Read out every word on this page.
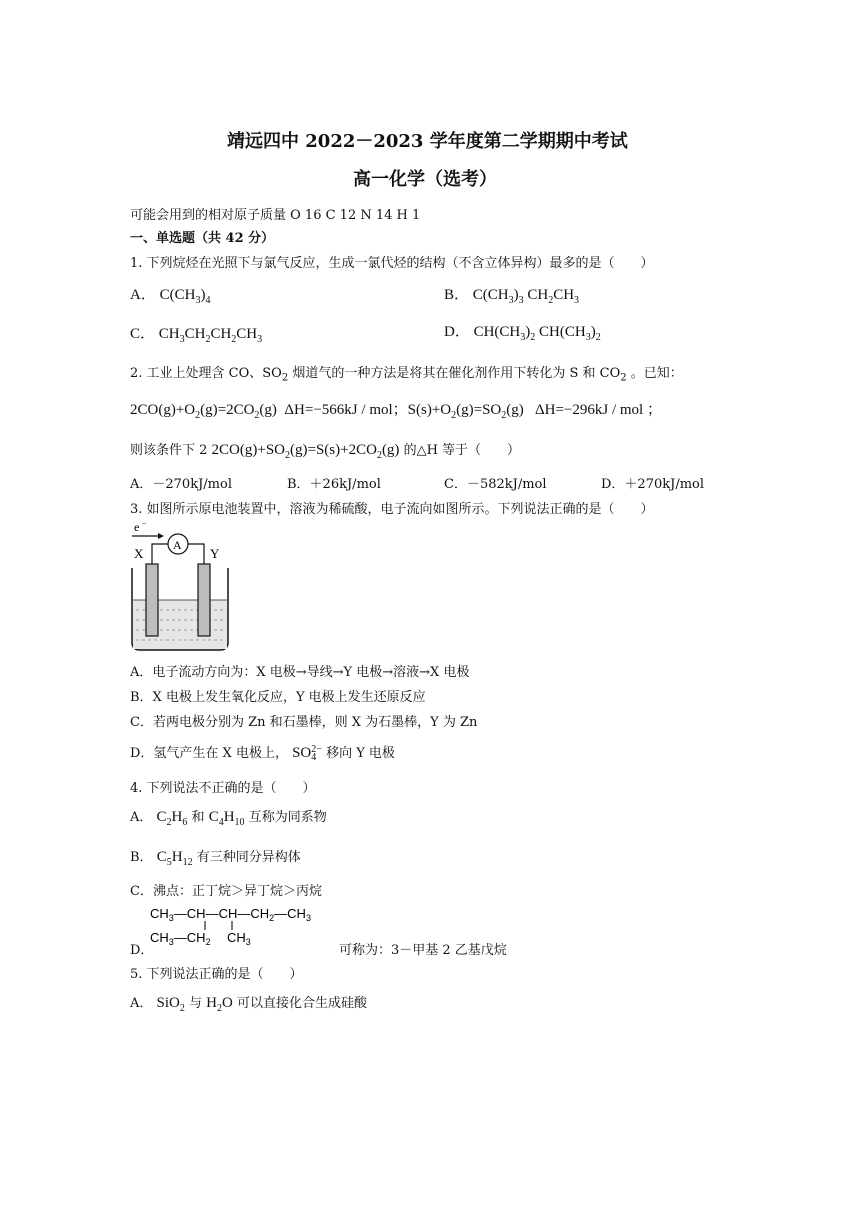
靖远四中 2022－2023 学年度第二学期期中考试
高一化学（选考）
可能会用到的相对原子质量 O 16 C 12 N 14 H 1
一、单选题（共 42 分）
1. 下列烷烃在光照下与氯气反应，生成一氯代烃的结构（不含立体异构）最多的是（　　）
A． $C(CH_3)_4$	B． $C(CH_3)_3$ $CH_2CH_3$
C． $CH_3CH_2CH_2CH_3$	D． $CH(CH_3)_2$ $CH(CH_3)_2$
2. 工业上处理含 CO、$SO_2$ 烟道气的一种方法是将其在催化剂作用下转化为 S 和 $CO_2$ 。已知：
$2CO(g)+O_2(g)=2CO_2(g)$  ΔH=−566kJ / mol；$S(s)+O_2(g)=SO_2(g)$   ΔH=−296kJ / mol ；
则该条件下 2 $2CO(g)+SO_2(g)=S(s)+2CO_2(g)$ 的△H 等于（　　）
A．－270kJ/mol	B．＋26kJ/mol	C．－582kJ/mol	D．＋270kJ/mol
3. 如图所示原电池装置中，溶液为稀硫酸，电子流向如图所示。下列说法正确的是（　　）
e −
A
X	Y
A．电子流动方向为：X 电极→导线→Y 电极→溶液→X 电极
B．X 电极上发生氧化反应，Y 电极上发生还原反应
C．若两电极分别为 Zn 和石墨棒，则 X 为石墨棒，Y 为 Zn
D．氢气产生在 X 电极上， SO 2−
4 移向 Y 电极
4. 下列说法不正确的是（　　）
A． $C_2H_6$ 和 $C_4H_{10}$ 互称为同系物
B． $C_5H_{12}$ 有三种同分异构体
C．沸点：正丁烷＞异丁烷＞丙烷
D．
$CH_3—CH—CH—CH_2—CH_3$
$CH_3—CH_2$ $CH_3$
可称为：3－甲基 2 乙基戊烷
5. 下列说法正确的是（　　）
A． SiO$_2$ 与 $H_2O$ 可以直接化合生成硅酸
